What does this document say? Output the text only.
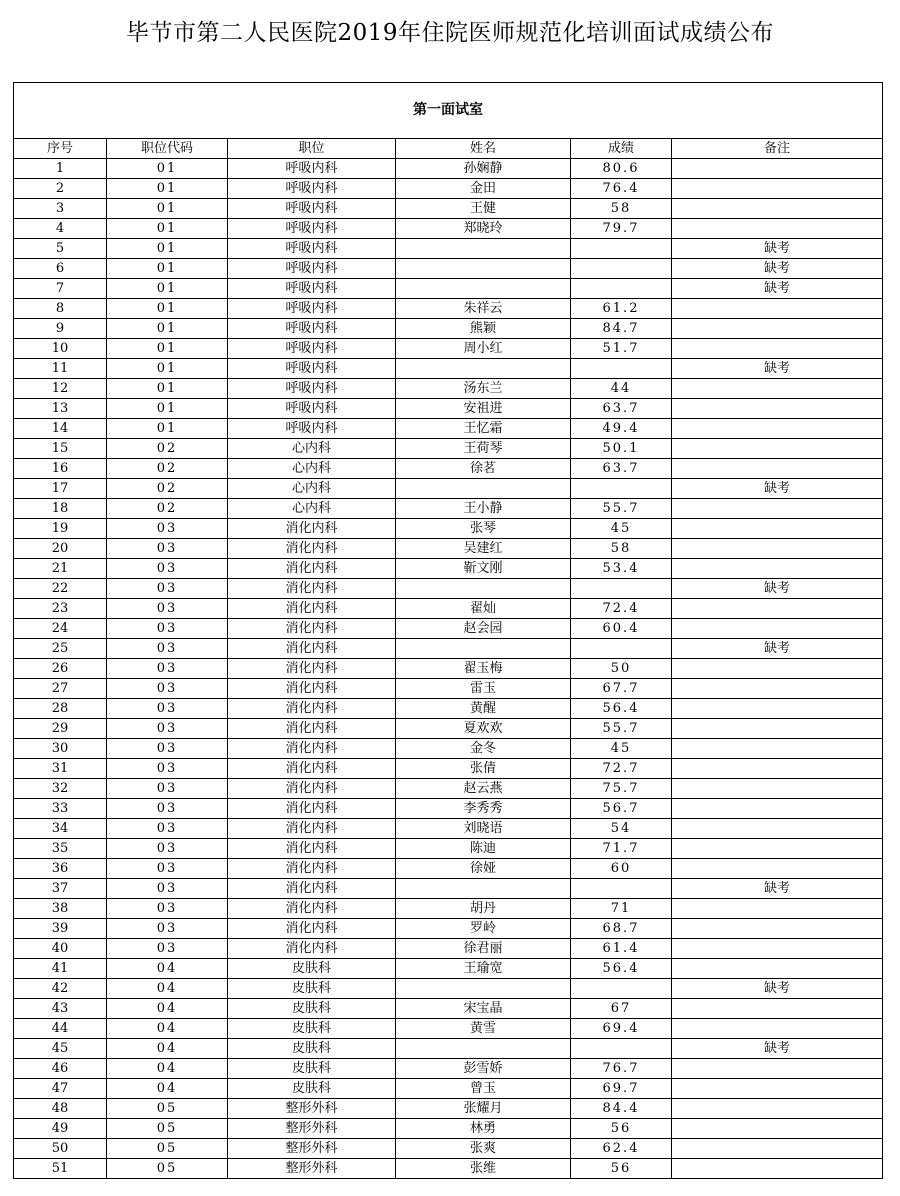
毕节市第二人民医院2019年住院医师规范化培训面试成绩公布
第一面试室					
序号	职位代码	职位	姓名	成绩	备注
1	01	呼吸内科	孙娴静	80.6	
2	01	呼吸内科	金田	76.4	
3	01	呼吸内科	王健	58	
4	01	呼吸内科	郑晓玲	79.7	
5	01	呼吸内科			缺考
6	01	呼吸内科			缺考
7	01	呼吸内科			缺考
8	01	呼吸内科	朱祥云	61.2	
9	01	呼吸内科	熊颖	84.7	
10	01	呼吸内科	周小红	51.7	
11	01	呼吸内科			缺考
12	01	呼吸内科	汤东兰	44	
13	01	呼吸内科	安祖进	63.7	
14	01	呼吸内科	王忆霜	49.4	
15	02	心内科	王荷琴	50.1	
16	02	心内科	徐茗	63.7	
17	02	心内科			缺考
18	02	心内科	王小静	55.7	
19	03	消化内科	张琴	45	
20	03	消化内科	吴建红	58	
21	03	消化内科	靳文刚	53.4	
22	03	消化内科			缺考
23	03	消化内科	翟灿	72.4	
24	03	消化内科	赵会园	60.4	
25	03	消化内科			缺考
26	03	消化内科	翟玉梅	50	
27	03	消化内科	雷玉	67.7	
28	03	消化内科	黄醒	56.4	
29	03	消化内科	夏欢欢	55.7	
30	03	消化内科	金冬	45	
31	03	消化内科	张倩	72.7	
32	03	消化内科	赵云燕	75.7	
33	03	消化内科	李秀秀	56.7	
34	03	消化内科	刘晓语	54	
35	03	消化内科	陈迪	71.7	
36	03	消化内科	徐娅	60	
37	03	消化内科			缺考
38	03	消化内科	胡丹	71	
39	03	消化内科	罗岭	68.7	
40	03	消化内科	徐君丽	61.4	
41	04	皮肤科	王瑜宽	56.4	
42	04	皮肤科			缺考
43	04	皮肤科	宋宝晶	67	
44	04	皮肤科	黄雪	69.4	
45	04	皮肤科			缺考
46	04	皮肤科	彭雪娇	76.7	
47	04	皮肤科	曾玉	69.7	
48	05	整形外科	张耀月	84.4	
49	05	整形外科	林勇	56	
50	05	整形外科	张爽	62.4	
51	05	整形外科	张维	56	
